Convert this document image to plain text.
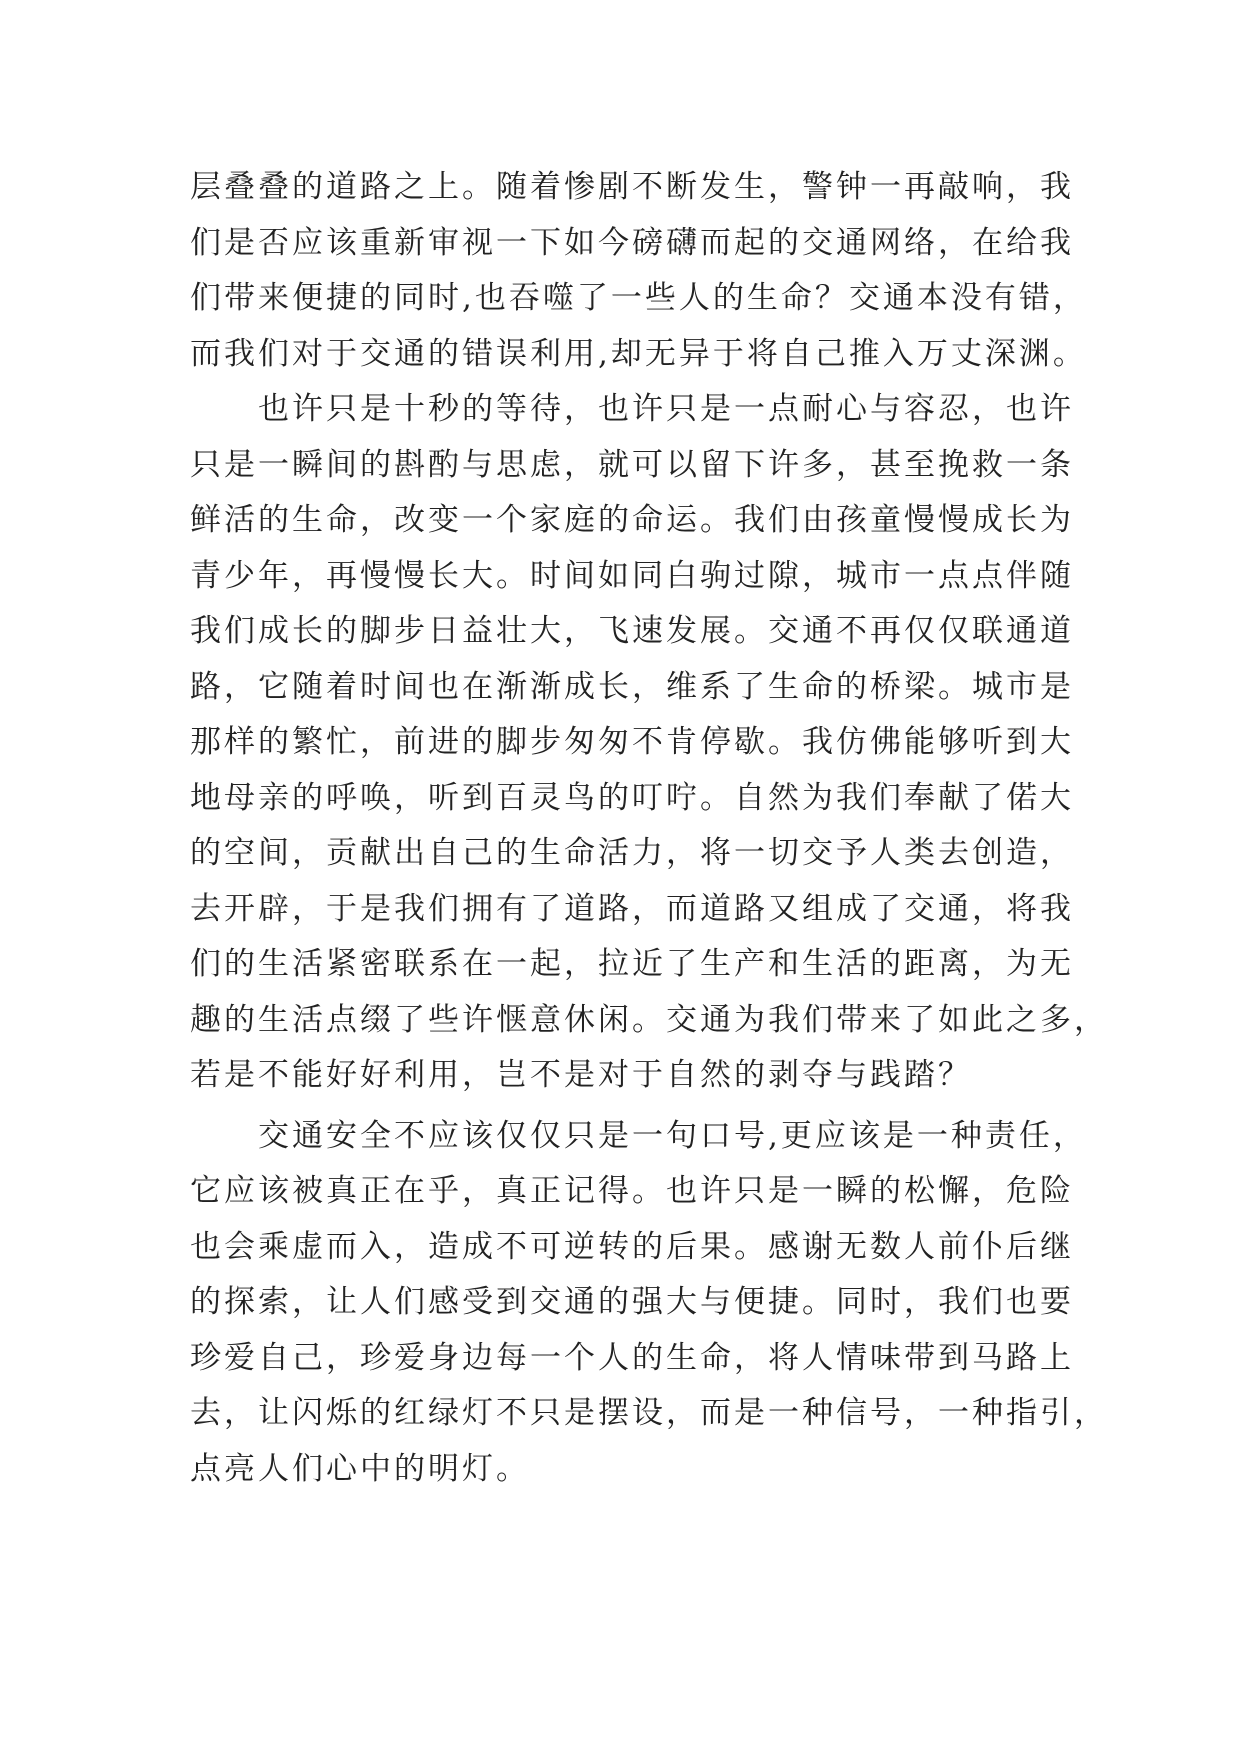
层叠叠的道路之上。随着惨剧不断发生，警钟一再敲响，我
们是否应该重新审视一下如今磅礴而起的交通网络，在给我
们带来便捷的同时,也吞噬了一些人的生命？交通本没有错，
而我们对于交通的错误利用,却无异于将自己推入万丈深渊。
也许只是十秒的等待，也许只是一点耐心与容忍，也许
只是一瞬间的斟酌与思虑，就可以留下许多，甚至挽救一条
鲜活的生命，改变一个家庭的命运。我们由孩童慢慢成长为
青少年，再慢慢长大。时间如同白驹过隙，城市一点点伴随
我们成长的脚步日益壮大，飞速发展。交通不再仅仅联通道
路，它随着时间也在渐渐成长，维系了生命的桥梁。城市是
那样的繁忙，前进的脚步匆匆不肯停歇。我仿佛能够听到大
地母亲的呼唤，听到百灵鸟的叮咛。自然为我们奉献了偌大
的空间，贡献出自己的生命活力，将一切交予人类去创造，
去开辟，于是我们拥有了道路，而道路又组成了交通，将我
们的生活紧密联系在一起，拉近了生产和生活的距离，为无
趣的生活点缀了些许惬意休闲。交通为我们带来了如此之多，
若是不能好好利用，岂不是对于自然的剥夺与践踏？
交通安全不应该仅仅只是一句口号,更应该是一种责任，
它应该被真正在乎，真正记得。也许只是一瞬的松懈，危险
也会乘虚而入，造成不可逆转的后果。感谢无数人前仆后继
的探索，让人们感受到交通的强大与便捷。同时，我们也要
珍爱自己，珍爱身边每一个人的生命，将人情味带到马路上
去，让闪烁的红绿灯不只是摆设，而是一种信号，一种指引，
点亮人们心中的明灯。
